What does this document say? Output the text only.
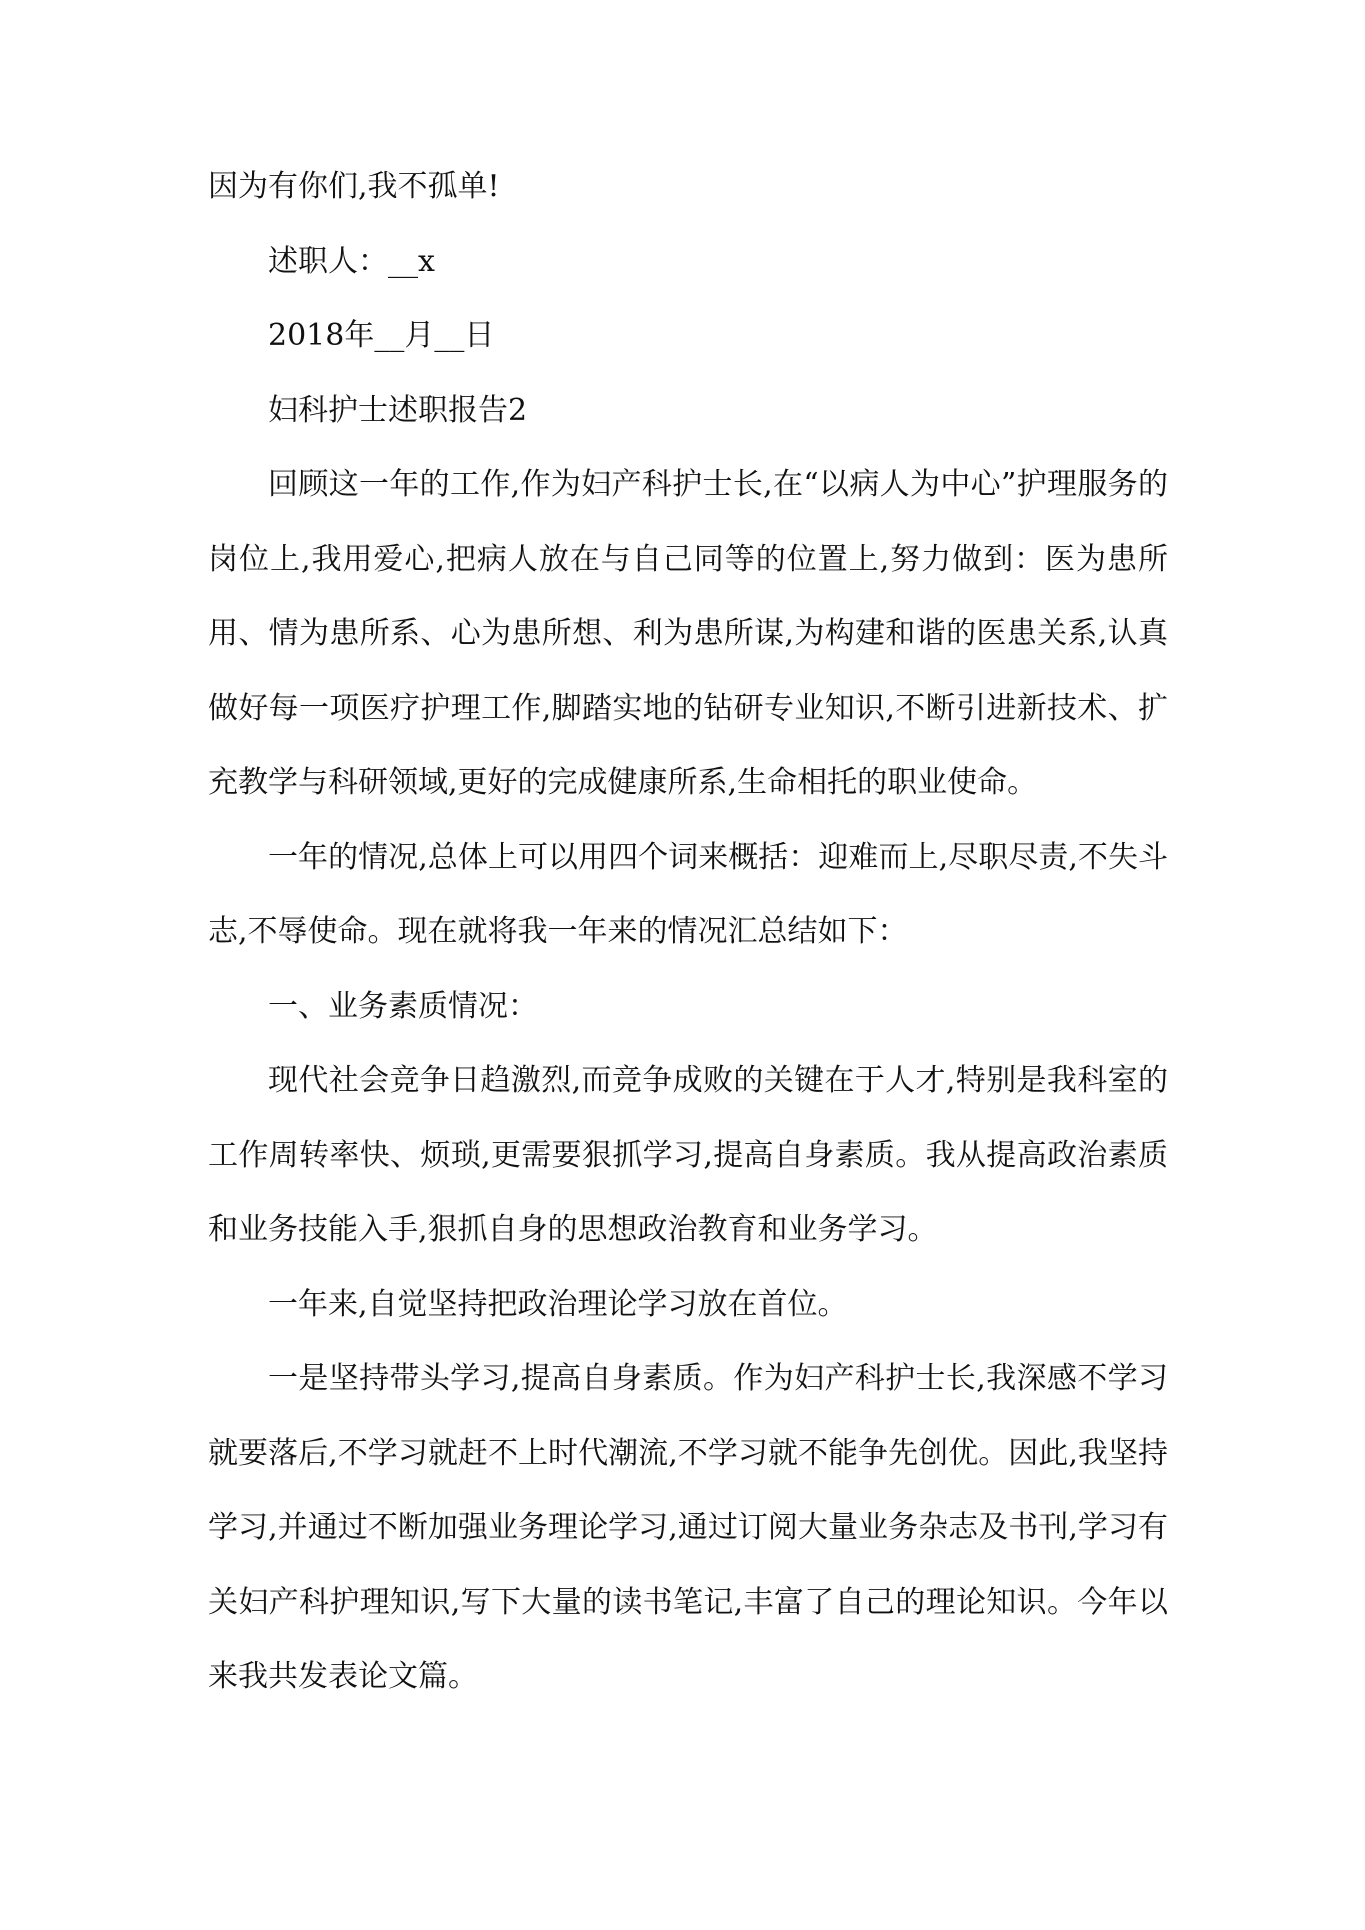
因为有你们,我不孤单!

述职人：__x

2018年__月__日

妇科护士述职报告2

回顾这一年的工作,作为妇产科护士长,在“以病人为中心”护理服务的岗位上,我用爱心,把病人放在与自己同等的位置上,努力做到：医为患所用、情为患所系、心为患所想、利为患所谋,为构建和谐的医患关系,认真做好每一项医疗护理工作,脚踏实地的钻研专业知识,不断引进新技术、扩充教学与科研领域,更好的完成健康所系,生命相托的职业使命。

一年的情况,总体上可以用四个词来概括：迎难而上,尽职尽责,不失斗志,不辱使命。现在就将我一年来的情况汇总结如下：

一、业务素质情况：

现代社会竞争日趋激烈,而竞争成败的关键在于人才,特别是我科室的工作周转率快、烦琐,更需要狠抓学习,提高自身素质。我从提高政治素质和业务技能入手,狠抓自身的思想政治教育和业务学习。

一年来,自觉坚持把政治理论学习放在首位。

一是坚持带头学习,提高自身素质。作为妇产科护士长,我深感不学习就要落后,不学习就赶不上时代潮流,不学习就不能争先创优。因此,我坚持学习,并通过不断加强业务理论学习,通过订阅大量业务杂志及书刊,学习有关妇产科护理知识,写下大量的读书笔记,丰富了自己的理论知识。今年以来我共发表论文篇。
